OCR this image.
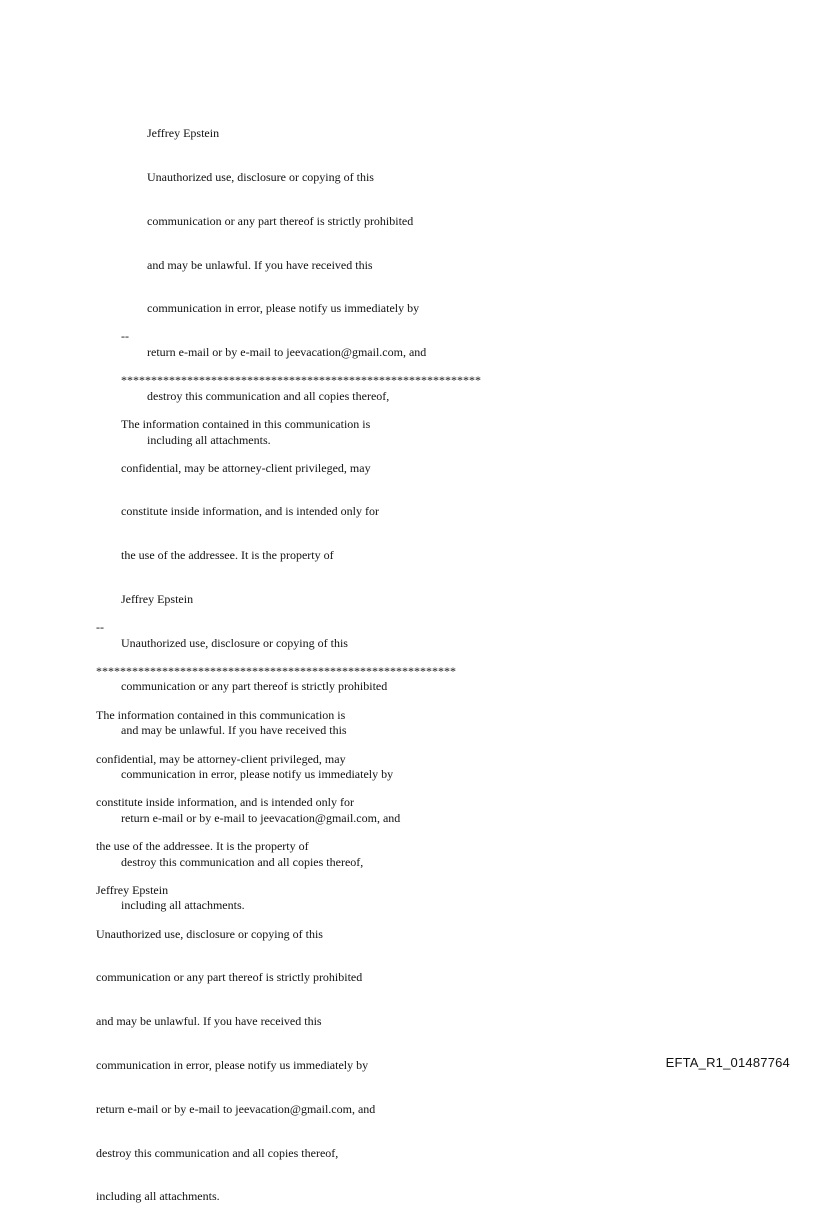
Jeffrey Epstein

Unauthorized use, disclosure or copying of this

communication or any part thereof is strictly prohibited

and may be unlawful. If you have received this

communication in error, please notify us immediately by

return e-mail or by e-mail to jeevacation@gmail.com, and

destroy this communication and all copies thereof,

including all attachments.

--

************************************************************

The information contained in this communication is

confidential, may be attorney-client privileged, may

constitute inside information, and is intended only for

the use of the addressee. It is the property of

Jeffrey Epstein

Unauthorized use, disclosure or copying of this

communication or any part thereof is strictly prohibited

and may be unlawful. If you have received this

communication in error, please notify us immediately by

return e-mail or by e-mail to jeevacation@gmail.com, and

destroy this communication and all copies thereof,

including all attachments.

--

************************************************************

The information contained in this communication is

confidential, may be attorney-client privileged, may

constitute inside information, and is intended only for

the use of the addressee. It is the property of

Jeffrey Epstein

Unauthorized use, disclosure or copying of this

communication or any part thereof is strictly prohibited

and may be unlawful. If you have received this

communication in error, please notify us immediately by

return e-mail or by e-mail to jeevacation@gmail.com, and

destroy this communication and all copies thereof,

including all attachments.

EFTA_R1_01487764
